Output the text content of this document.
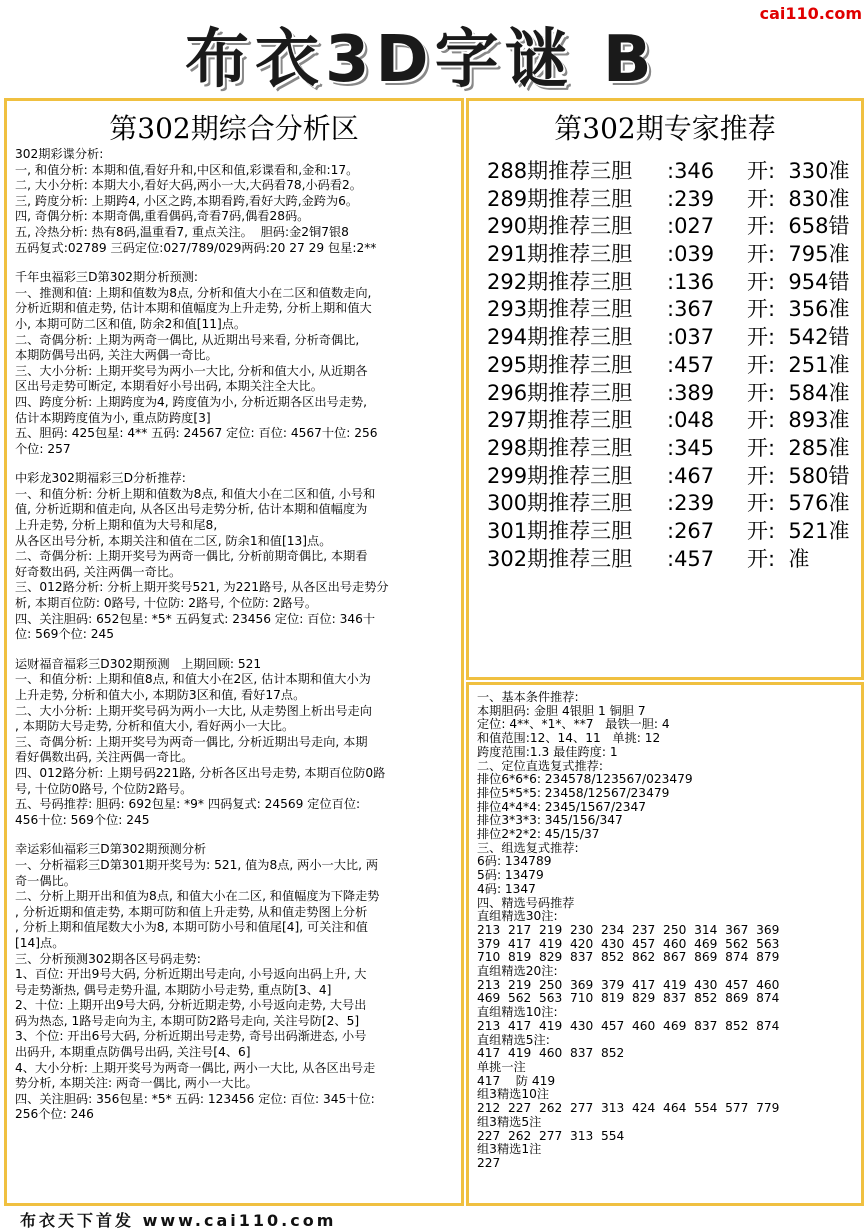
布衣3D字谜 B
cai110.com
第302期综合分析区
302期彩谍分析:
一, 和值分析: 本期和值,看好升和,中区和值,彩谍看和,金和:17。
二, 大小分析: 本期大小,看好大码,两小一大,大码看78,小码看2。
三, 跨度分析: 上期跨4, 小区之跨,本期看跨,看好大跨,金跨为6。
四, 奇偶分析: 本期奇偶,重看偶码,奇看7码,偶看28码。
五, 冷热分析: 热有8码,温重看7, 重点关注。  胆码:金2铜7银8
五码复式:02789 三码定位:027/789/029两码:20 27 29 包星:2**
千年虫福彩三D第302期分析预测:
一、推测和值: 上期和值数为8点, 分析和值大小在二区和值数走向,
分析近期和值走势, 估计本期和值幅度为上升走势, 分析上期和值大
小, 本期可防二区和值, 防余2和值[11]点。
二、奇偶分析: 上期为两奇一偶比, 从近期出号来看, 分析奇偶比,
本期防偶号出码, 关注大两偶一奇比。
三、大小分析: 上期开奖号为两小一大比, 分析和值大小, 从近期各
区出号走势可断定, 本期看好小号出码, 本期关注全大比。
四、跨度分析: 上期跨度为4, 跨度值为小, 分析近期各区出号走势,
估计本期跨度值为小, 重点防跨度[3]
五、胆码: 425包星: 4** 五码: 24567 定位: 百位: 4567十位: 256
个位: 257
中彩龙302期福彩三D分析推荐:
一、和值分析: 分析上期和值数为8点, 和值大小在二区和值, 小号和
值, 分析近期和值走向, 从各区出号走势分析, 估计本期和值幅度为
上升走势, 分析上期和值为大号和尾8,
从各区出号分析, 本期关注和值在二区, 防余1和值[13]点。
二、奇偶分析: 上期开奖号为两奇一偶比, 分析前期奇偶比, 本期看
好奇数出码, 关注两偶一奇比。
三、012路分析: 分析上期开奖号521, 为221路号, 从各区出号走势分
析, 本期百位防: 0路号, 十位防: 2路号, 个位防: 2路号。
四、关注胆码: 652包星: *5* 五码复式: 23456 定位: 百位: 346十
位: 569个位: 245
运财福音福彩三D302期预测   上期回顾: 521
一、和值分析: 上期和值8点, 和值大小在2区, 估计本期和值大小为
上升走势, 分析和值大小, 本期防3区和值, 看好17点。
二、大小分析: 上期开奖号码为两小一大比, 从走势图上析出号走向
, 本期防大号走势, 分析和值大小, 看好两小一大比。
三、奇偶分析: 上期开奖号为两奇一偶比, 分析近期出号走向, 本期
看好偶数出码, 关注两偶一奇比。
四、012路分析: 上期号码221路, 分析各区出号走势, 本期百位防0路
号, 十位防0路号, 个位防2路号。
五、号码推荐: 胆码: 692包星: *9* 四码复式: 24569 定位百位:
456十位: 569个位: 245
幸运彩仙福彩三D第302期预测分析
一、分析福彩三D第301期开奖号为: 521, 值为8点, 两小一大比, 两
奇一偶比。
二、分析上期开出和值为8点, 和值大小在二区, 和值幅度为下降走势
, 分析近期和值走势, 本期可防和值上升走势, 从和值走势图上分析
, 分析上期和值尾数大小为8, 本期可防小号和值尾[4], 可关注和值
[14]点。
三、分析预测302期各区号码走势:
1、百位: 开出9号大码, 分析近期出号走向, 小号返向出码上升, 大
号走势渐热, 偶号走势升温, 本期防小号走势, 重点防[3、4]
2、十位: 上期开出9号大码, 分析近期走势, 小号返向走势, 大号出
码为热态, 1路号走向为主, 本期可防2路号走向, 关注号防[2、5]
3、个位: 开出6号大码, 分析近期出号走势, 奇号出码渐进态, 小号
出码升, 本期重点防偶号出码, 关注号[4、6]
4、大小分析: 上期开奖号为两奇一偶比, 两小一大比, 从各区出号走
势分析, 本期关注: 两奇一偶比, 两小一大比。
四、关注胆码: 356包星: *5* 五码: 123456 定位: 百位: 345十位:
256个位: 246
第302期专家推荐
288期推荐三胆 :346 开:  330准
289期推荐三胆 :239 开:  830准
290期推荐三胆 :027 开:  658错
291期推荐三胆 :039 开:  795准
292期推荐三胆 :136 开:  954错
293期推荐三胆 :367 开:  356准
294期推荐三胆 :037 开:  542错
295期推荐三胆 :457 开:  251准
296期推荐三胆 :389 开:  584准
297期推荐三胆 :048 开:  893准
298期推荐三胆 :345 开:  285准
299期推荐三胆 :467 开:  580错
300期推荐三胆 :239 开:  576准
301期推荐三胆 :267 开:  521准
302期推荐三胆 :457 开:  准
一、基本条件推荐:
本期胆码: 金胆 4银胆 1 铜胆 7
定位: 4**、*1*、**7   最铁一胆: 4
和值范围:12、14、11   单挑: 12
跨度范围:1.3 最佳跨度: 1
二、定位直选复式推荐:
排位6*6*6: 234578/123567/023479
排位5*5*5: 23458/12567/23479
排位4*4*4: 2345/1567/2347
排位3*3*3: 345/156/347
排位2*2*2: 45/15/37
三、组选复式推荐:
6码: 134789
5码: 13479
4码: 1347
四、精选号码推荐
直组精选30注:
213  217  219  230  234  237  250  314  367  369
379  417  419  420  430  457  460  469  562  563
710  819  829  837  852  862  867  869  874  879
直组精选20注:
213  219  250  369  379  417  419  430  457  460
469  562  563  710  819  829  837  852  869  874
直组精选10注:
213  417  419  430  457  460  469  837  852  874
直组精选5注:
417  419  460  837  852
单挑一注
417    防 419
组3精选10注
212  227  262  277  313  424  464  554  577  779
组3精选5注
227  262  277  313  554
组3精选1注
227
布衣天下首发 www.cai110.com
